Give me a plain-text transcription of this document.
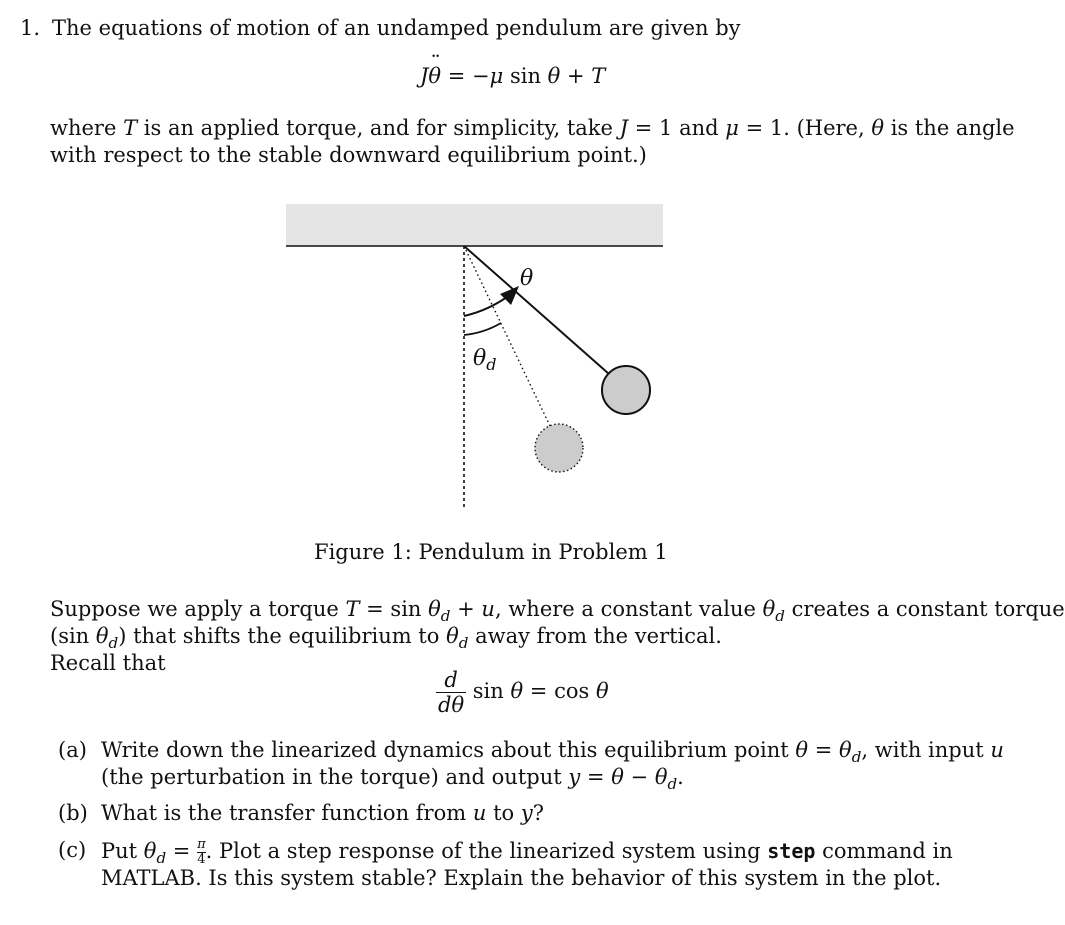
1. The equations of motion of an undamped pendulum are given by
J¨ θ = −μ sin θ + T
where T is an applied torque, and for simplicity, take J = 1 and μ = 1. (Here, θ is the angle
with respect to the stable downward equilibrium point.)
θ
$\theta_d$
Figure 1: Pendulum in Problem 1
Suppose we apply a torque $T = \sin \theta_d + u$, where a constant value $\theta_d$ creates a constant torque
(sin $\theta_d$) that shifts the equilibrium to $\theta_d$ away from the vertical.
Recall that
$\frac{d}{d\theta}$ sin θ = cos θ
(a) Write down the linearized dynamics about this equilibrium point $\theta = \theta_d$, with input u
(the perturbation in the torque) and output $y = \theta - \theta_d$.
(b) What is the transfer function from u to y?
(c) Put $\theta_d = \frac{\pi}{4}$ . Plot a step response of the linearized system using step command in
MATLAB. Is this system stable? Explain the behavior of this system in the plot.
